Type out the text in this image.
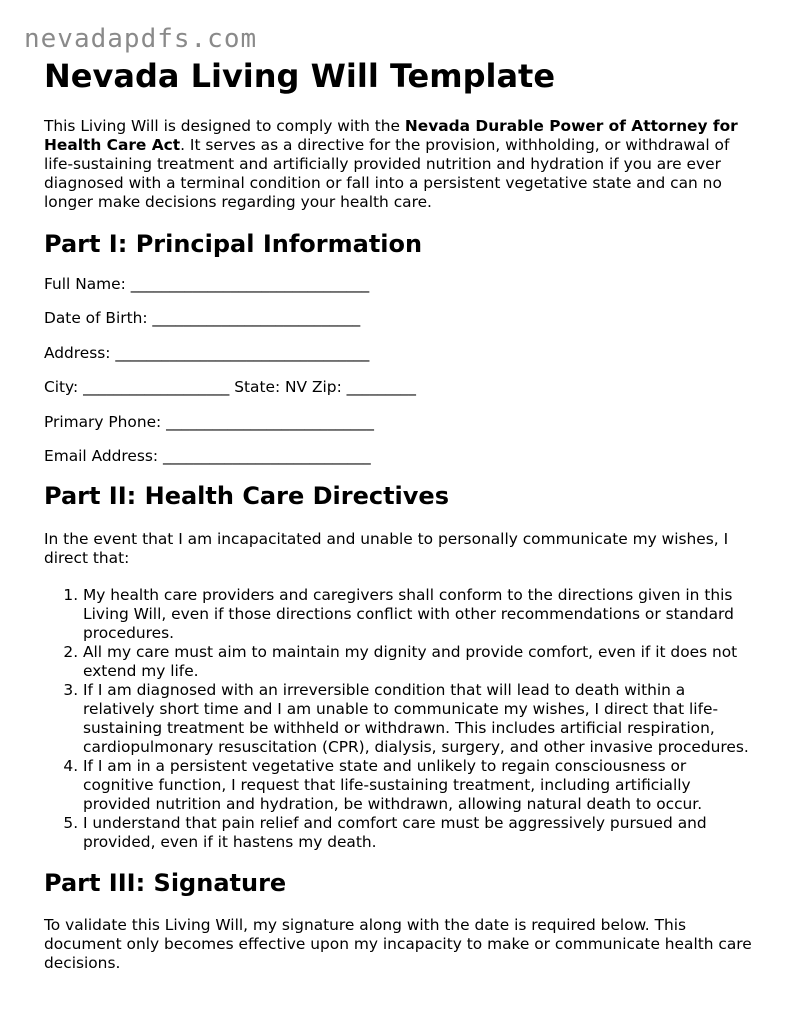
nevadapdfs.com
Nevada Living Will Template

This Living Will is designed to comply with the Nevada Durable Power of Attorney for Health Care Act. It serves as a directive for the provision, withholding, or withdrawal of life-sustaining treatment and artificially provided nutrition and hydration if you are ever diagnosed with a terminal condition or fall into a persistent vegetative state and can no longer make decisions regarding your health care.

Part I: Principal Information
Full Name: _______________________________
Date of Birth: ___________________________
Address: _________________________________
City: ___________________ State: NV Zip: _________
Primary Phone: ___________________________
Email Address: ___________________________
Part II: Health Care Directives

In the event that I am incapacitated and unable to personally communicate my wishes, I direct that:

1. My health care providers and caregivers shall conform to the directions given in this Living Will, even if those directions conflict with other recommendations or standard procedures.
2. All my care must aim to maintain my dignity and provide comfort, even if it does not extend my life.
3. If I am diagnosed with an irreversible condition that will lead to death within a relatively short time and I am unable to communicate my wishes, I direct that life-sustaining treatment be withheld or withdrawn. This includes artificial respiration, cardiopulmonary resuscitation (CPR), dialysis, surgery, and other invasive procedures.
4. If I am in a persistent vegetative state and unlikely to regain consciousness or cognitive function, I request that life-sustaining treatment, including artificially provided nutrition and hydration, be withdrawn, allowing natural death to occur.
5. I understand that pain relief and comfort care must be aggressively pursued and provided, even if it hastens my death.
Part III: Signature

To validate this Living Will, my signature along with the date is required below. This document only becomes effective upon my incapacity to make or communicate health care decisions.
